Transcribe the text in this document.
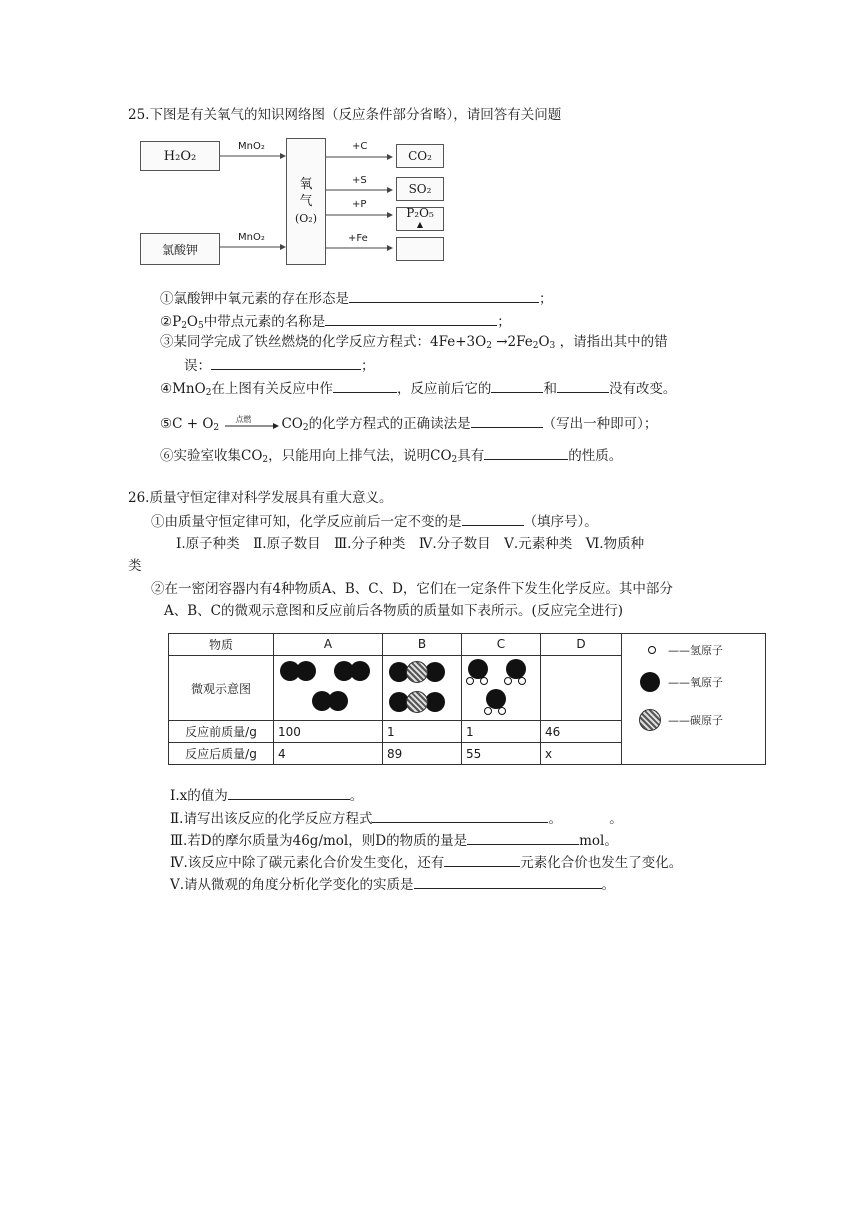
25.下图是有关氧气的知识网络图（反应条件部分省略），请回答有关问题
H₂O₂
氯酸钾
氧
气
(O₂)
MnO₂
MnO₂
+C
+S
+P
+Fe
CO₂
SO₂
P₂O₅
▲
①氯酸钾中氧元素的存在形态是	；
$②P_2O_5$中带点元素的名称是	；
③某同学完成了铁丝燃烧的化学反应方程式：$4Fe+3O_2 \to 2Fe_2O_3$ ，请指出其中的错
误：	；
④MnO$_2$在上图有关反应中作	，反应前后它的	和	没有改变。
⑤C + $O_2$
点燃 $CO_2$的化学方程式的正确读法是	（写出一种即可）；
⑥实验室收集$CO_2$，只能用向上排气法，说明$CO_2$具有	的性质。
26.质量守恒定律对科学发展具有重大意义。
①由质量守恒定律可知，化学反应前后一定不变的是	（填序号）。
Ⅰ.原子种类　Ⅱ.原子数目　Ⅲ.分子种类　Ⅳ.分子数目　Ⅴ.元素种类　Ⅵ.物质种
类
②在一密闭容器内有4种物质A、B、C、D，它们在一定条件下发生化学反应。其中部分
A、B、C的微观示意图和反应前后各物质的质量如下表所示。(反应完全进行)
物质	A	B	C	D	——氢原子
——氧原子
——碳原子

微观示意图		

反应前质量/g	100	1	1	46	
反应后质量/g	4	89	55	x	
Ⅰ.x的值为	。
Ⅱ.请写出该反应的化学反应方程式	。　　　　。
Ⅲ.若D的摩尔质量为46g/mol，则D的物质的量是	mol。
Ⅳ.该反应中除了碳元素化合价发生变化，还有	元素化合价也发生了变化。
Ⅴ.请从微观的角度分析化学变化的实质是	。
